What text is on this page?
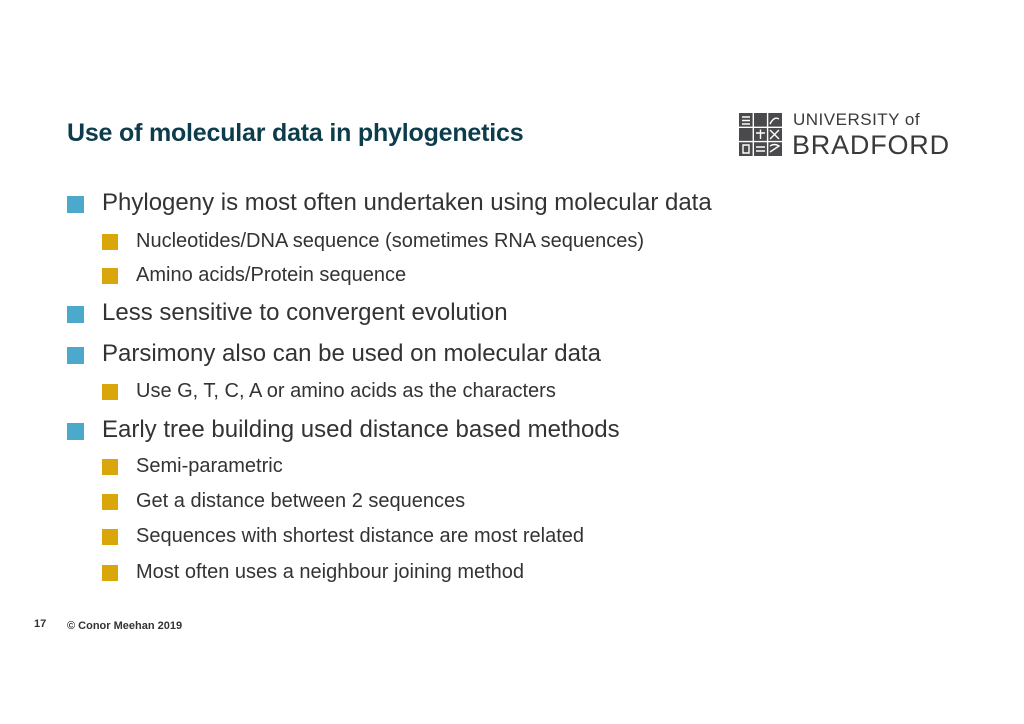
Use of molecular data in phylogenetics	UNIVERSITY of
BRADFORD
Phylogeny is most often undertaken using molecular data
Nucleotides/DNA sequence (sometimes RNA sequences)
Amino acids/Protein sequence
Less sensitive to convergent evolution
Parsimony also can be used on molecular data
Use G, T, C, A or amino acids as the characters
Early tree building used distance based methods
Semi-parametric
Get a distance between 2 sequences
Sequences with shortest distance are most related
Most often uses a neighbour joining method
17 © Conor Meehan 2019
